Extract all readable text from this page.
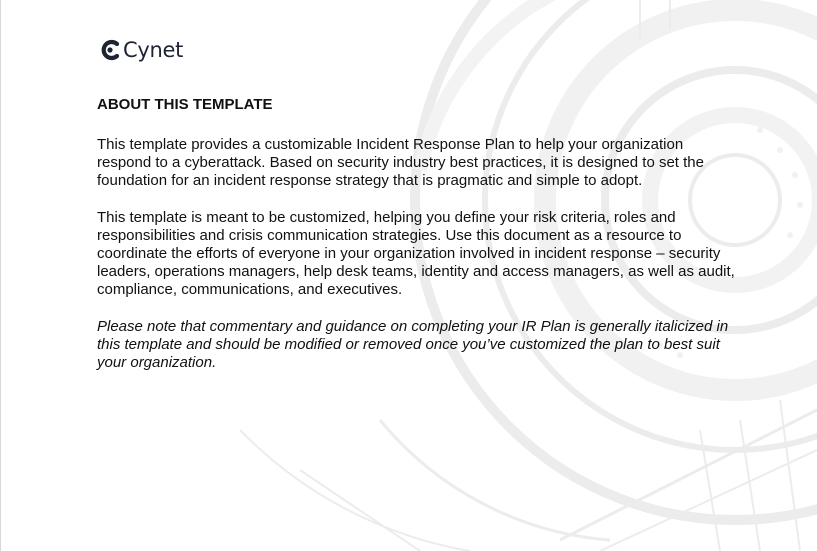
Cynet
ABOUT THIS TEMPLATE

This template provides a customizable Incident Response Plan to help your organization respond to a cyberattack. Based on security industry best practices, it is designed to set the foundation for an incident response strategy that is pragmatic and simple to adopt.

This template is meant to be customized, helping you define your risk criteria, roles and responsibilities and crisis communication strategies. Use this document as a resource to coordinate the efforts of everyone in your organization involved in incident response – security leaders, operations managers, help desk teams, identity and access managers, as well as audit, compliance, communications, and executives.

Please note that commentary and guidance on completing your IR Plan is generally italicized in this template and should be modified or removed once you’ve customized the plan to best suit your organization.
